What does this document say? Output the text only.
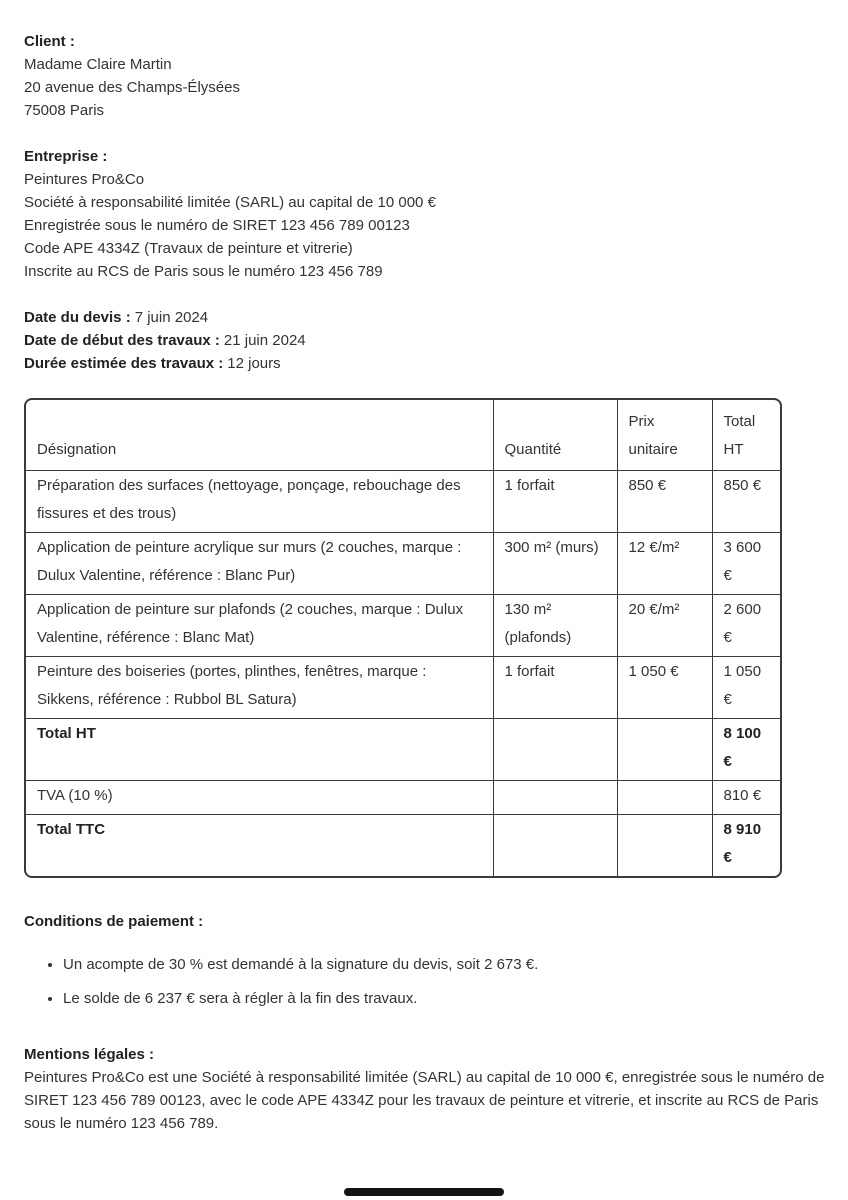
Client :
Madame Claire Martin
20 avenue des Champs-Élysées
75008 Paris
Entreprise :
Peintures Pro&Co
Société à responsabilité limitée (SARL) au capital de 10 000 €
Enregistrée sous le numéro de SIRET 123 456 789 00123
Code APE 4334Z (Travaux de peinture et vitrerie)
Inscrite au RCS de Paris sous le numéro 123 456 789
Date du devis : 7 juin 2024
Date de début des travaux : 21 juin 2024
Durée estimée des travaux : 12 jours
Désignation	Quantité	Prix unitaire	Total HT
Préparation des surfaces (nettoyage, ponçage, rebouchage des fissures et des trous)	1 forfait	850 €	850 €
Application de peinture acrylique sur murs (2 couches, marque : Dulux Valentine, référence : Blanc Pur)	300 m² (murs)	12 €/m²	3 600 €
Application de peinture sur plafonds (2 couches, marque : Dulux Valentine, référence : Blanc Mat)	130 m² (plafonds)	20 €/m²	2 600 €
Peinture des boiseries (portes, plinthes, fenêtres, marque : Sikkens, référence : Rubbol BL Satura)	1 forfait	1 050 €	1 050 €
Total HT			8 100 €
TVA (10 %)			810 €
Total TTC			8 910 €
Conditions de paiement :
• Un acompte de 30 % est demandé à la signature du devis, soit 2 673 €.
• Le solde de 6 237 € sera à régler à la fin des travaux.
Mentions légales :

Peintures Pro&Co est une Société à responsabilité limitée (SARL) au capital de 10 000 €, enregistrée sous le numéro de SIRET 123 456 789 00123, avec le code APE 4334Z pour les travaux de peinture et vitrerie, et inscrite au RCS de Paris sous le numéro 123 456 789.
